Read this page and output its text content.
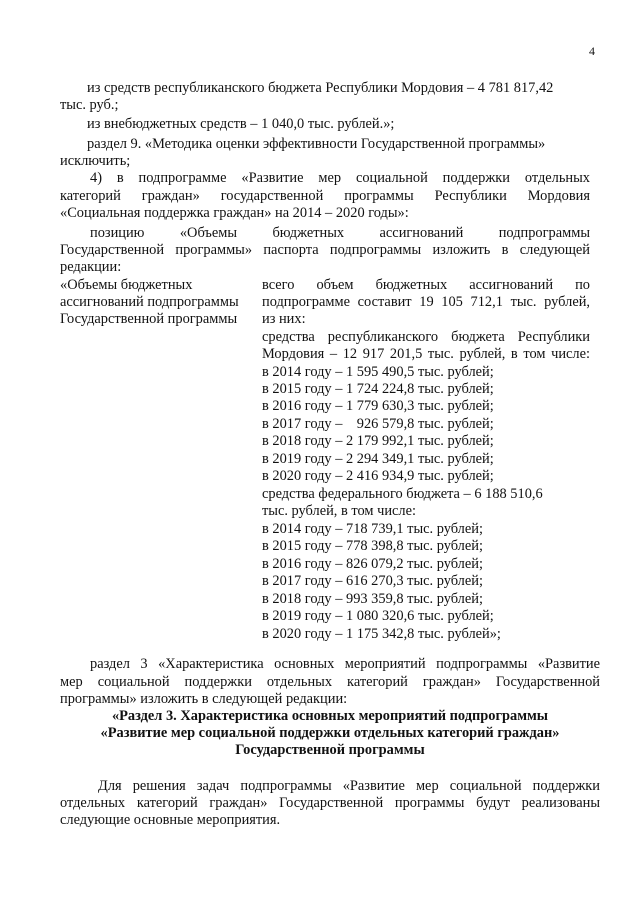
4
из средств республиканского бюджета Республики Мордовия – 4 781 817,42
тыс. руб.;
из внебюджетных средств – 1 040,0 тыс. рублей.»;
раздел 9. «Методика оценки эффективности Государственной программы»
исключить;
4) в подпрограмме «Развитие мер социальной поддержки отдельных
категорий граждан» государственной программы Республики Мордовия
«Социальная поддержка граждан» на 2014 – 2020 годы»:
позицию «Объемы бюджетных ассигнований подпрограммы
Государственной программы» паспорта подпрограммы изложить в следующей
редакции:
«Объемы бюджетных
ассигнований подпрограммы
Государственной программы
всего объем бюджетных ассигнований по
подпрограмме составит 19 105 712,1 тыс. рублей,
из них:
средства республиканского бюджета Республики
Мордовия – 12 917 201,5 тыс. рублей, в том числе:
в 2014 году – 1 595 490,5 тыс. рублей;
в 2015 году – 1 724 224,8 тыс. рублей;
в 2016 году – 1 779 630,3 тыс. рублей;
в 2017 году –    926 579,8 тыс. рублей;
в 2018 году – 2 179 992,1 тыс. рублей;
в 2019 году – 2 294 349,1 тыс. рублей;
в 2020 году – 2 416 934,9 тыс. рублей;
средства федерального бюджета – 6 188 510,6
тыс. рублей, в том числе:
в 2014 году – 718 739,1 тыс. рублей;
в 2015 году – 778 398,8 тыс. рублей;
в 2016 году – 826 079,2 тыс. рублей;
в 2017 году – 616 270,3 тыс. рублей;
в 2018 году – 993 359,8 тыс. рублей;
в 2019 году – 1 080 320,6 тыс. рублей;
в 2020 году – 1 175 342,8 тыс. рублей»;
раздел 3 «Характеристика основных мероприятий подпрограммы «Развитие
мер социальной поддержки отдельных категорий граждан» Государственной
программы» изложить в следующей редакции:
«Раздел 3. Характеристика основных мероприятий подпрограммы
«Развитие мер социальной поддержки отдельных категорий граждан»
Государственной программы
Для решения задач подпрограммы «Развитие мер социальной поддержки
отдельных категорий граждан» Государственной программы будут реализованы
следующие основные мероприятия.
